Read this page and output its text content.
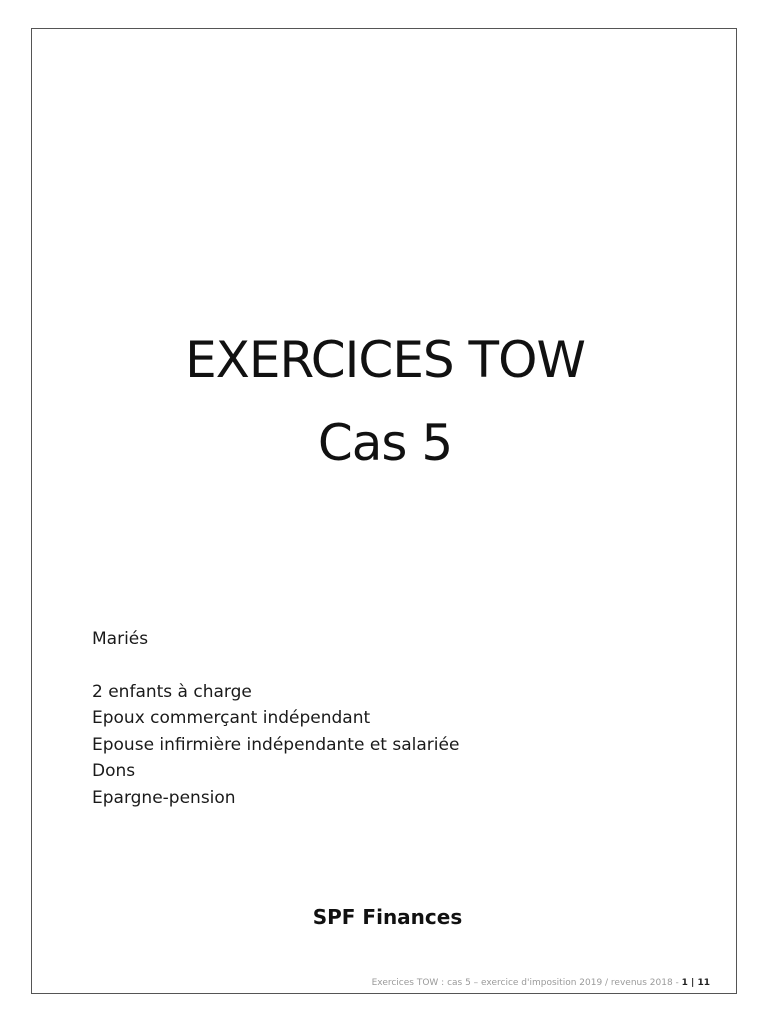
EXERCICES TOW
Cas 5
Mariés
2 enfants à charge
Epoux commerçant indépendant
Epouse infirmière indépendante et salariée
Dons
Epargne-pension
SPF Finances
Exercices TOW : cas 5 – exercice d'imposition 2019 / revenus 2018 - 1 | 11
